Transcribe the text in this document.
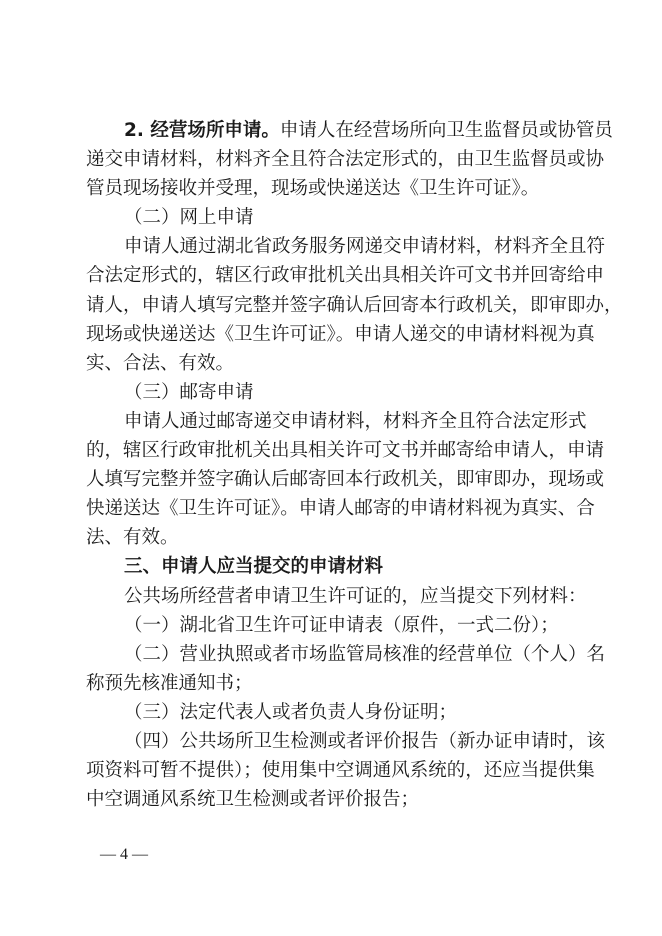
2. 经营场所申请。申请人在经营场所向卫生监督员或协管员
递交申请材料，材料齐全且符合法定形式的，由卫生监督员或协
管员现场接收并受理，现场或快递送达《卫生许可证》。
（二）网上申请
申请人通过湖北省政务服务网递交申请材料，材料齐全且符
合法定形式的，辖区行政审批机关出具相关许可文书并回寄给申
请人，申请人填写完整并签字确认后回寄本行政机关，即审即办，
现场或快递送达《卫生许可证》。申请人递交的申请材料视为真
实、合法、有效。
（三）邮寄申请
申请人通过邮寄递交申请材料，材料齐全且符合法定形式
的，辖区行政审批机关出具相关许可文书并邮寄给申请人，申请
人填写完整并签字确认后邮寄回本行政机关，即审即办，现场或
快递送达《卫生许可证》。申请人邮寄的申请材料视为真实、合
法、有效。
三、申请人应当提交的申请材料
公共场所经营者申请卫生许可证的，应当提交下列材料：
（一）湖北省卫生许可证申请表（原件，一式二份）；
（二）营业执照或者市场监管局核准的经营单位（个人）名
称预先核准通知书；
（三）法定代表人或者负责人身份证明；
（四）公共场所卫生检测或者评价报告（新办证申请时，该
项资料可暂不提供）；使用集中空调通风系统的，还应当提供集
中空调通风系统卫生检测或者评价报告；
— 4 —
